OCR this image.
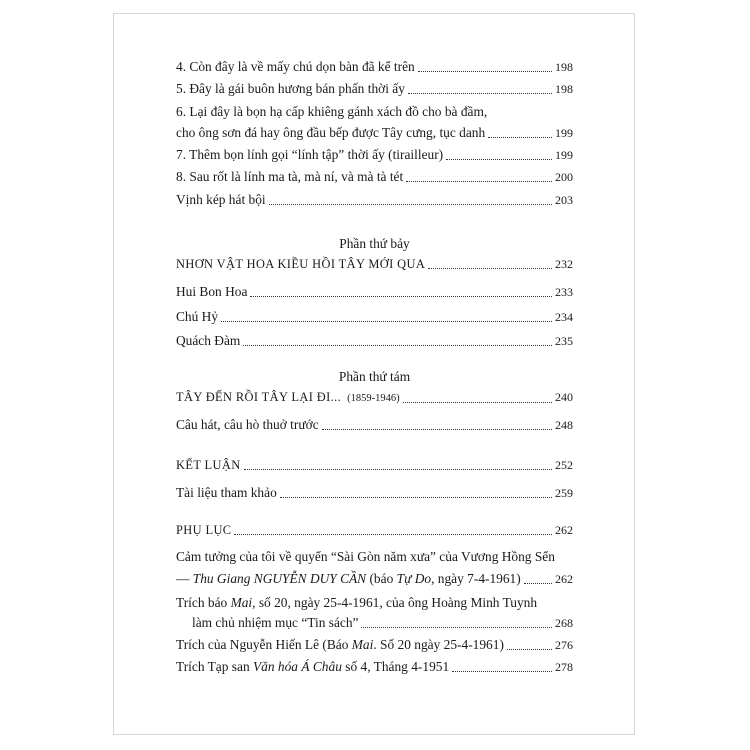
4. Còn đây là về mấy chú dọn bàn đã kể trên	198
5. Đây là gái buôn hương bán phấn thời ấy	198
6. Lại đây là bọn hạ cấp khiêng gánh xách đồ cho bà đầm,
cho ông sơn đá hay ông đầu bếp được Tây cưng, tục danh	199
7. Thêm bọn lính gọi “lính tập” thời ấy (tirailleur)	199
8. Sau rốt là lính ma tà, mà ní, và mà tà tét	200
Vịnh kép hát bội	203
Phần thứ bảy
NHƠN VẬT HOA KIỀU HỒI TÂY MỚI QUA	232
Hui Bon Hoa	233
Chú Hỷ	234
Quách Đàm	235
Phần thứ tám
TÂY ĐẾN RỒI TÂY LẠI ĐI... (1859-1946)	240
Câu hát, câu hò thuở trước	248
KẾT LUẬN	252
Tài liệu tham khảo	259
PHỤ LỤC	262
Cảm tưởng của tôi về quyển “Sài Gòn năm xưa” của Vương Hồng Sển
— Thu Giang NGUYỄN DUY CẦN (báo Tự Do, ngày 7-4-1961)	262
Trích báo Mai, số 20, ngày 25-4-1961, của ông Hoàng Minh Tuynh
làm chủ nhiệm mục “Tin sách”	268
Trích của Nguyễn Hiến Lê (Báo Mai. Số 20 ngày 25-4-1961)	276
Trích Tạp san Văn hóa Á Châu số 4, Tháng 4-1951	278
